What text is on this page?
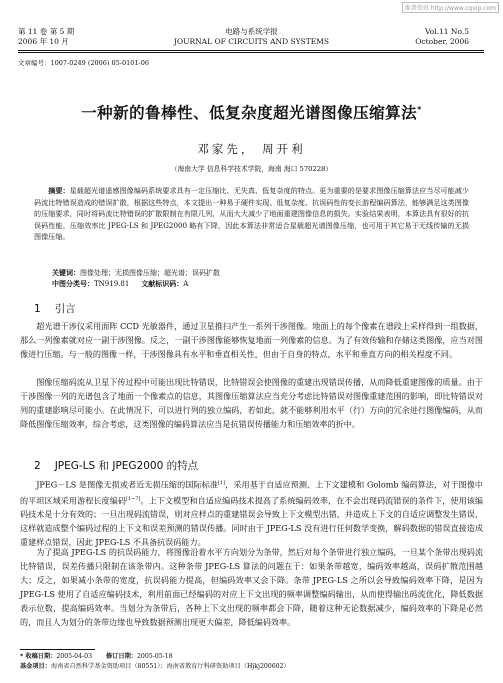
维普资讯 http://www.cqvip.com
第 11 卷 第 5 期
2006 年 10 月
电路与系统学报
JOURNAL OF CIRCUITS AND SYSTEMS
Vol.11 No.5
October, 2006
文章编号：1007-0249 (2006) 05-0101-06
一种新的鲁棒性、低复杂度超光谱图像压缩算法*
邓家先， 周开利
（海南大学 信息科学技术学院，海南 海口 570228）
摘要：星载超光谱遥感图像编码系统要求具有一定压缩比、无失真、低复杂度的特点。更为重要的是要求图像压缩算法应当尽可能减少码流比特错误造成的错误扩散，根据这些特点，本文提出一种易于硬件实现、低复杂度、抗误码性的变长游程编码算法，能够满足这类图像的压缩要求，同时将码流比特错误的扩散限制在有限几列，从而大大减少了地面重建图像信息的损失。实验结果表明，本算法具有很好的抗误码性能，压缩效率比 JPEG-LS 和 JPEG2000 略有下降，因此本算法非常适合星载超光谱图像压缩，也可用于其它易于无线传输的无损图像压缩。
关键词：图像处理；无损图像压缩；超光谱；误码扩散
中图分类号：TN919.81 文献标识码：A
1 引言
超光谱干涉仪采用面阵 CCD 光敏器件，通过卫星推扫产生一系列干涉图像。地面上的每个像素在谱段上采样得到一组数据，那么一列像素就对应一副干涉图像。反之，一副干涉图像能够恢复地面一列像素的信息。为了有效传输和存储这类图像，应当对图像进行压缩。与一般的图像一样，干涉图像具有水平和垂直相关性，但由于自身的特点，水平和垂直方向的相关程度不同。
图像压缩码流从卫星下传过程中可能出现比特错误，比特错误会使图像的重建出现错误传播，从而降低重建图像的质量。由于干涉图像一列的光谱包含了地面一个像素点的信息，其图像压缩算法应当充分考虑比特错误对图像重建范围的影响，即比特错误对列的重建影响尽可能小。在此情况下，可以进行列的独立编码，若如此，就不能够利用水平（行）方向的冗余进行图像编码，从而降低图像压缩效率，综合考虑，这类图像的编码算法应当是抗错误传播能力和压缩效率的折中。
2 JPEG-LS 和 JPEG2000 的特点
JPEG－LS 是图像无损或者近无损压缩的国际标准[1]，采用基于自适应预测、上下文建模和 Golomb 编码算法，对于图像中的平坦区域采用游程长度编码[1~7]。上下文模型和自适应编码技术提高了系统编码效率，在不会出现码流错误的条件下，使用该编码技术是十分有效的；一旦出现码流错误，则对应样点的重建错误会导致上下文模型出错，并造成上下文的自适应调整发生错误，这样就造成整个编码过程的上下文和误差预测的错误传播。同时由于 JPEG-LS 没有进行任何数学变换，解码数据的错误直接造成重建样点错误，因此 JPEG-LS 不具备抗误码能力。
为了提高 JPEG-LS 的抗误码能力，将图像沿着水平方向划分为条带，然后对每个条带进行独立编码，一旦某个条带出现码流比特错误，误差传播只限制在该条带内。这种条带 JPEG-LS 算法的问题在于：如果条带越宽，编码效率越高，误码扩散范围越大；反之，如果减小条带的宽度，抗误码能力提高，但编码效率又会下降。条带 JPEG-LS 之所以会导致编码效率下降，是因为 JPEG-LS 使用了自适应编码技术，利用前面已经编码的对应上下文出现的频率调整编码输出，从而使得输出码流优化，降低数据表示位数，提高编码效率。当划分为条带后，各种上下文出现的频率都会下降，随着这种无论数据减少，编码效率的下降是必然的，而且人为划分的条带边缘也导致数据预测出现更大偏差，降低编码效率。
* 收稿日期：2005-04-03 修订日期：2005-05-18
基金项目：海南省自然科学基金资助项目（80551）；海南省教育厅科研资助项目（Hjkj200602）
